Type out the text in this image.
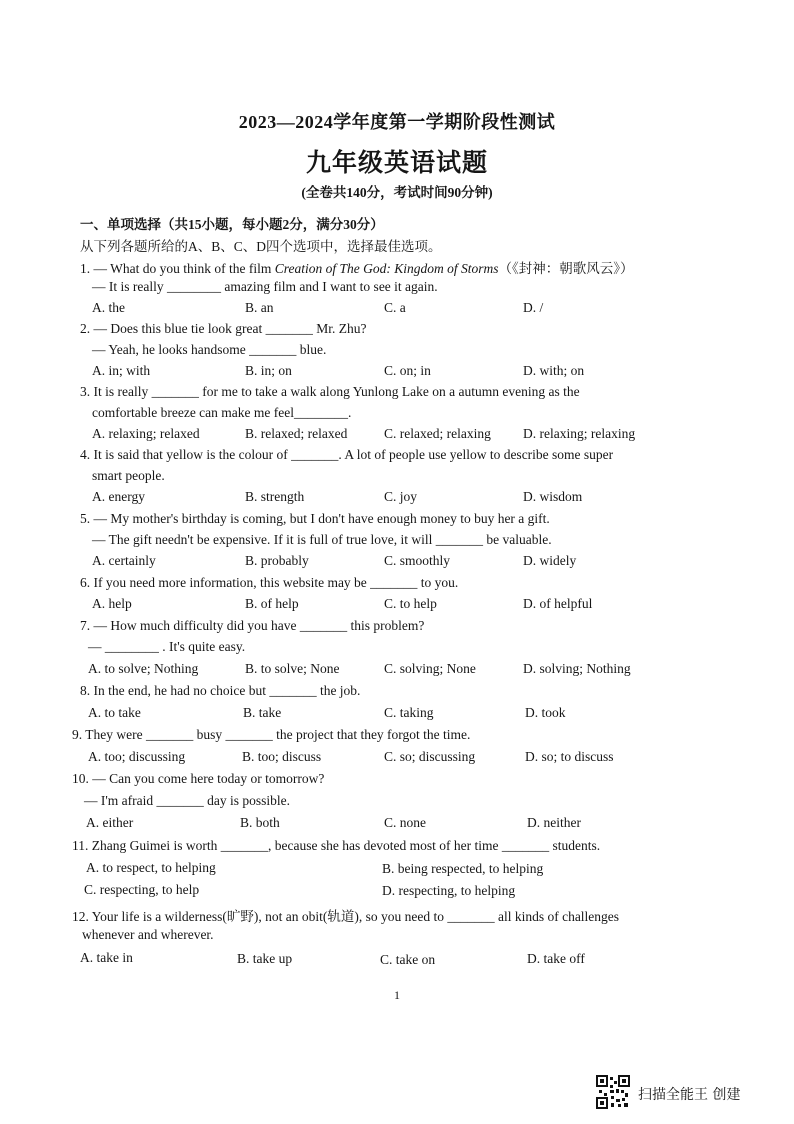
2023—2024学年度第一学期阶段性测试
九年级英语试题
(全卷共140分，考试时间90分钟)
一、单项选择（共15小题，每小题2分，满分30分）
从下列各题所给的A、B、C、D四个选项中，选择最佳选项。
1. — What do you think of the film Creation of The God: Kingdom of Storms（《封神：朝歌风云》）
— It is really ________ amazing film and I want to see it again.
A. the	B. an	C. a	D. /
2. — Does this blue tie look great _______ Mr. Zhu?
— Yeah, he looks handsome _______ blue.
A. in; with	B. in; on	C. on; in	D. with; on
3. It is really _______ for me to take a walk along Yunlong Lake on a autumn evening as the
comfortable breeze can make me feel________.
A. relaxing; relaxed	B. relaxed; relaxed	C. relaxed; relaxing D. relaxing; relaxing
4. It is said that yellow is the colour of _______. A lot of people use yellow to describe some super
smart people.
A. energy	B. strength	C. joy	D. wisdom
5. — My mother's birthday is coming, but I don't have enough money to buy her a gift.
— The gift needn't be expensive. If it is full of true love, it will _______ be valuable.
A. certainly	B. probably	C. smoothly	D. widely
6. If you need more information, this website may be _______ to you.
A. help	B. of help	C. to help	D. of helpful
7. — How much difficulty did you have _______ this problem?
— ________ . It's quite easy.
A. to solve; Nothing	B. to solve; None	C. solving; None	D. solving; Nothing
8. In the end, he had no choice but _______ the job.
A. to take	B. take	C. taking	D. took
9. They were _______ busy _______ the project that they forgot the time.
A. too; discussing	B. too; discuss	C. so; discussing	D. so; to discuss
10. — Can you come here today or tomorrow?
— I'm afraid _______ day is possible.
A. either	B. both	C. none	D. neither
11. Zhang Guimei is worth _______, because she has devoted most of her time _______ students.
A. to respect, to helping	B. being respected, to helping
C. respecting, to help	D. respecting, to helping
12. Your life is a wilderness(旷野), not an obit(轨道), so you need to _______ all kinds of challenges
whenever and wherever.
A. take in	B. take up	C. take on	D. take off
1
扫描全能王 创建
